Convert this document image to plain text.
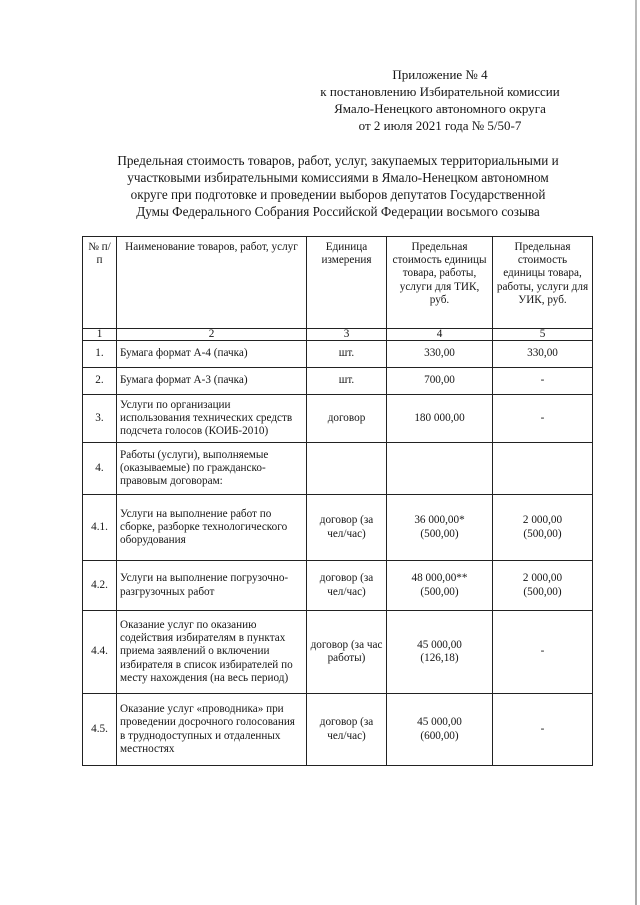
Приложение № 4
к постановлению Избирательной комиссии
Ямало-Ненецкого автономного округа
от 2 июля 2021 года № 5/50-7
Предельная стоимость товаров, работ, услуг, закупаемых территориальными и
участковыми избирательными комиссиями в Ямало-Ненецком автономном
округе при подготовке и проведении выборов депутатов Государственной
Думы Федерального Собрания Российской Федерации восьмого созыва
№ п/п	Наименование товаров, работ, услуг	Единица измерения	Предельная стоимость единицы товара, работы, услуги для ТИК, руб.	Предельная стоимость единицы товара, работы, услуги для УИК, руб.
1	2	3	4	5

1.	Бумага формат А-4 (пачка)	шт.	330,00	330,00

2.	Бумага формат А-3 (пачка)	шт.	700,00	-

3.	Услуги по организации использования технических средств подсчета голосов (КОИБ-2010)	договор	180 000,00	-

4.	Работы (услуги), выполняемые (оказываемые) по гражданско-правовым договорам:			

4.1.	Услуги на выполнение работ по сборке, разборке технологического оборудования	договор (за чел/час)	36 000,00*
(500,00)	2 000,00
(500,00)

4.2.	Услуги на выполнение погрузочно-разгрузочных работ	договор (за чел/час)	48 000,00**
(500,00)	2 000,00
(500,00)

4.4.	Оказание услуг по оказанию содействия избирателям в пунктах приема заявлений о включении избирателя в список избирателей по месту нахождения (на весь период)	договор (за час работы)	45 000,00
(126,18)	-

4.5.	Оказание услуг «проводника» при проведении досрочного голосования в труднодоступных и отдаленных местностях	договор (за чел/час)	45 000,00
(600,00)	-
